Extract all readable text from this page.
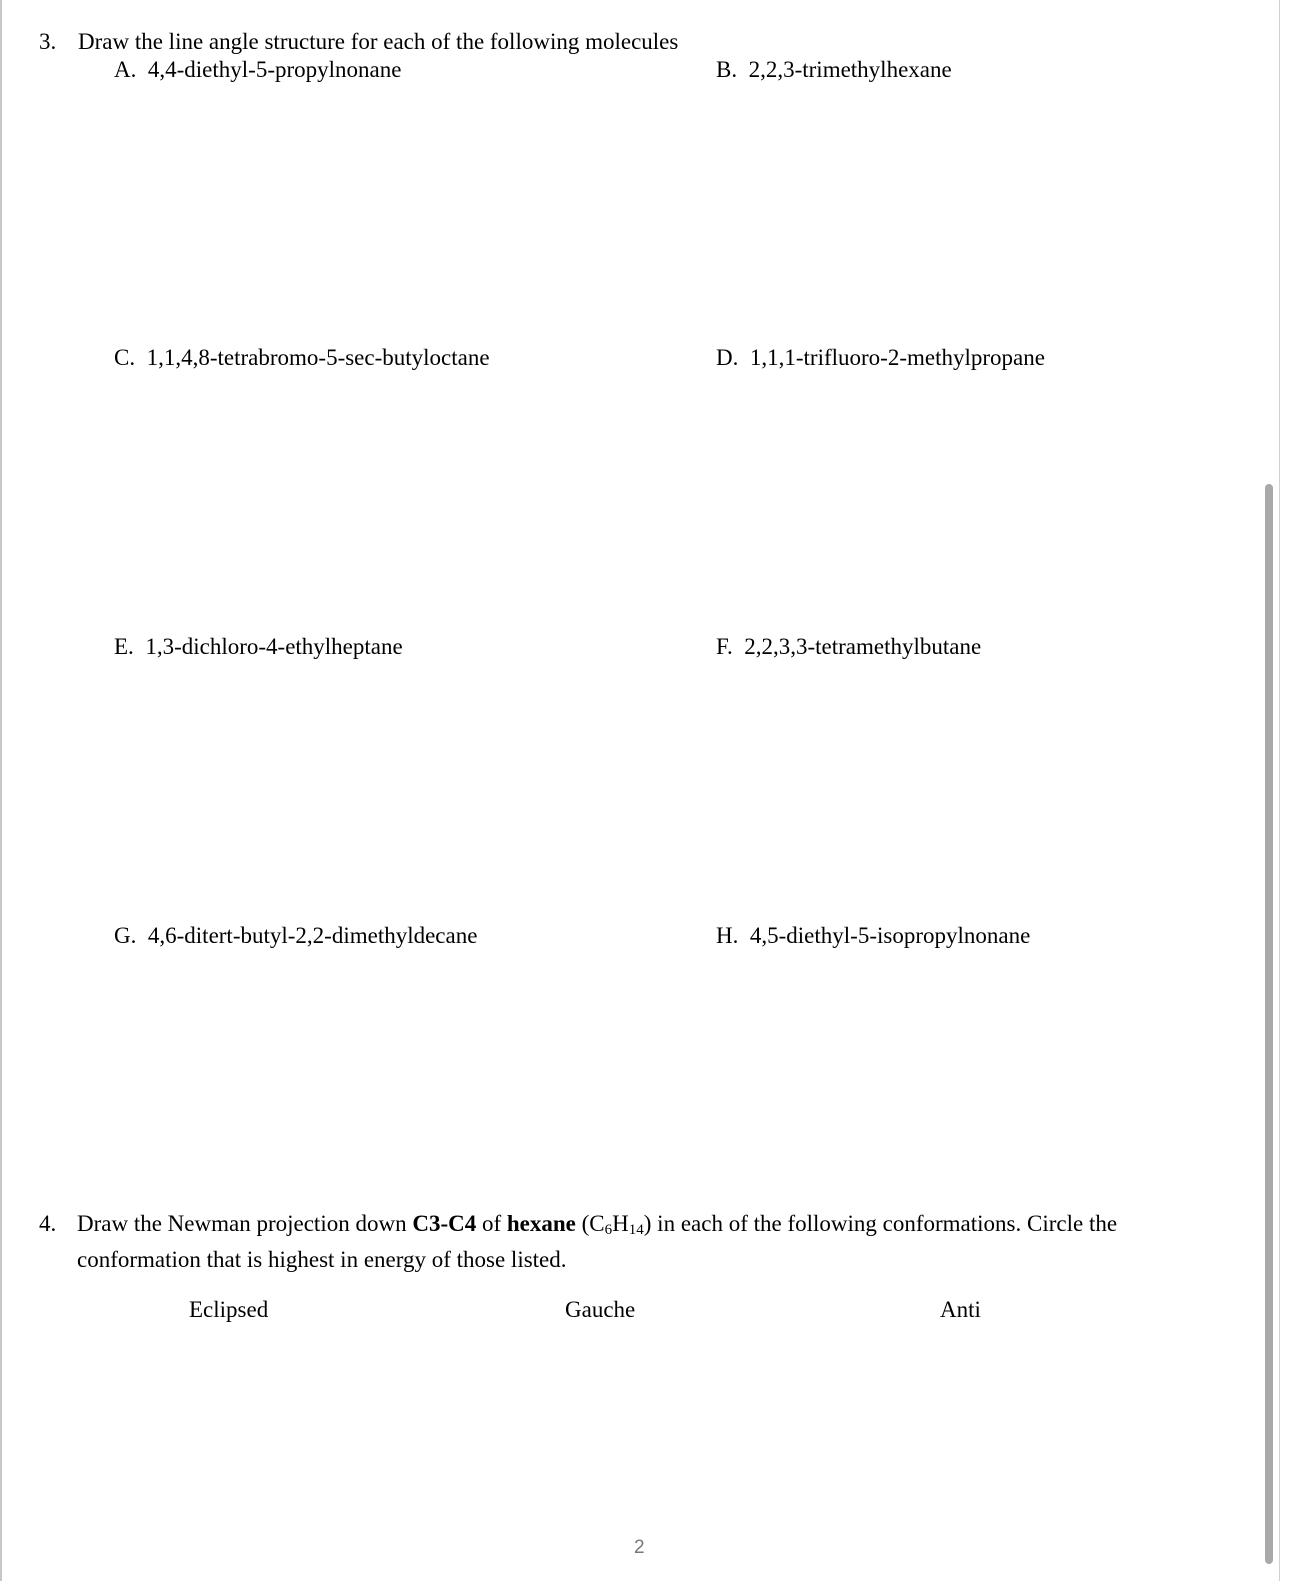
3. Draw the line angle structure for each of the following molecules
A. 4,4-diethyl-5-propylnonane	B. 2,2,3-trimethylhexane
C. 1,1,4,8-tetrabromo-5-sec-butyloctane	D. 1,1,1-trifluoro-2-methylpropane
E. 1,3-dichloro-4-ethylheptane	F. 2,2,3,3-tetramethylbutane
G. 4,6-ditert-butyl-2,2-dimethyldecane	H. 4,5-diethyl-5-isopropylnonane
4. Draw the Newman projection down C3-C4 of hexane $(C_6H_{14})$ in each of the following conformations. Circle the
conformation that is highest in energy of those listed.
Eclipsed	Gauche	Anti
2
